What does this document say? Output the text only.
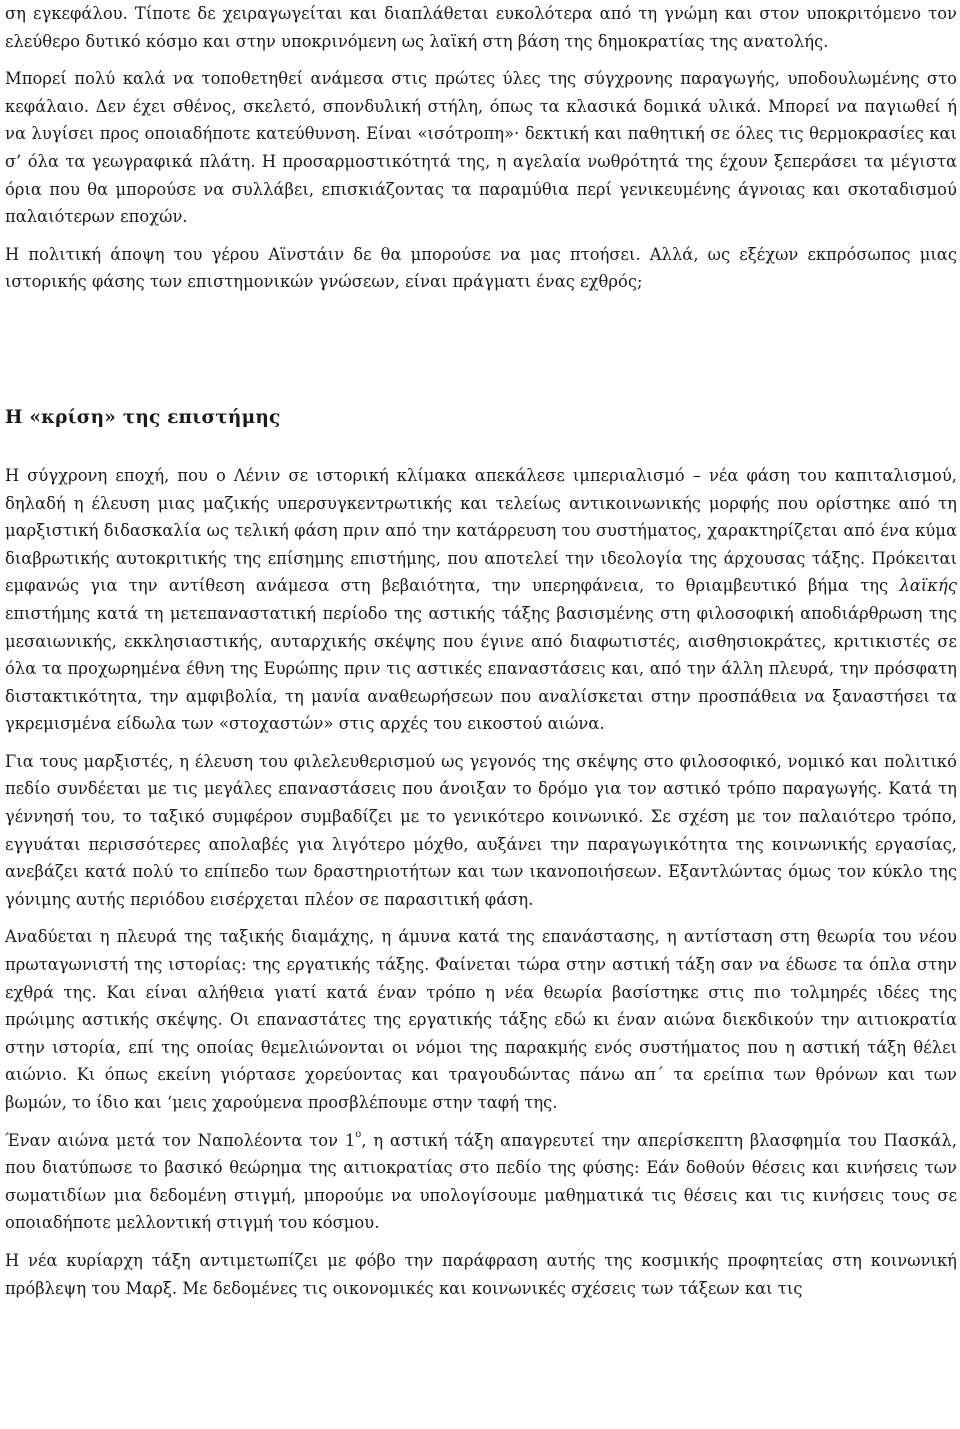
ση εγκεφάλου. Τίποτε δε χειραγωγείται και διαπλάθεται ευκολότερα από τη γνώμη και στον υποκριτόμενο τον ελεύθερο δυτικό κόσμο και στην υποκρινόμενη ως λαϊκή στη βάση της δημοκρατίας της ανατολής.

Μπορεί πολύ καλά να τοποθετηθεί ανάμεσα στις πρώτες ύλες της σύγχρονης παραγωγής, υποδουλωμένης στο κεφάλαιο. Δεν έχει σθένος, σκελετό, σπονδυλική στήλη, όπως τα κλασικά δομικά υλικά. Μπορεί να παγιωθεί ή να λυγίσει προς οποιαδήποτε κατεύθυνση. Είναι «ισότροπη»· δεκτική και παθητική σε όλες τις θερμοκρασίες και σ’ όλα τα γεωγραφικά πλάτη. Η προσαρμοστικότητά της, η αγελαία νωθρότητά της έχουν ξεπεράσει τα μέγιστα όρια που θα μπορούσε να συλλάβει, επισκιάζοντας τα παραμύθια περί γενικευμένης άγνοιας και σκοταδισμού παλαιότερων εποχών.

Η πολιτική άποψη του γέρου Αϊνστάιν δε θα μπορούσε να μας πτοήσει. Αλλά, ως εξέχων εκπρόσωπος μιας ιστορικής φάσης των επιστημονικών γνώσεων, είναι πράγματι ένας εχθρός;

Η «κρίση» της επιστήμης

Η σύγχρονη εποχή, που ο Λένιν σε ιστορική κλίμακα απεκάλεσε ιμπεριαλισμό – νέα φάση του καπιταλισμού, δηλαδή η έλευση μιας μαζικής υπερσυγκεντρωτικής και τελείως αντικοινωνικής μορφής που ορίστηκε από τη μαρξιστική διδασκαλία ως τελική φάση πριν από την κατάρρευση του συστήματος, χαρακτηρίζεται από ένα κύμα διαβρωτικής αυτοκριτικής της επίσημης επιστήμης, που αποτελεί την ιδεολογία της άρχουσας τάξης. Πρόκειται εμφανώς για την αντίθεση ανάμεσα στη βεβαιότητα, την υπερηφάνεια, το θριαμβευτικό βήμα της λαϊκής επιστήμης κατά τη μετεπαναστατική περίοδο της αστικής τάξης βασισμένης στη φιλοσοφική αποδιάρθρωση της μεσαιωνικής, εκκλησιαστικής, αυταρχικής σκέψης που έγινε από διαφωτιστές, αισθησιοκράτες, κριτικιστές σε όλα τα προχωρημένα έθνη της Ευρώπης πριν τις αστικές επαναστάσεις και, από την άλλη πλευρά, την πρόσφατη διστακτικότητα, την αμφιβολία, τη μανία αναθεωρήσεων που αναλίσκεται στην προσπάθεια να ξαναστήσει τα γκρεμισμένα είδωλα των «στοχαστών» στις αρχές του εικοστού αιώνα.

Για τους μαρξιστές, η έλευση του φιλελευθερισμού ως γεγονός της σκέψης στο φιλοσοφικό, νομικό και πολιτικό πεδίο συνδέεται με τις μεγάλες επαναστάσεις που άνοιξαν το δρόμο για τον αστικό τρόπο παραγωγής. Κατά τη γέννησή του, το ταξικό συμφέρον συμβαδίζει με το γενικότερο κοινωνικό. Σε σχέση με τον παλαιότερο τρόπο, εγγυάται περισσότερες απολαβές για λιγότερο μόχθο, αυξάνει την παραγωγικότητα της κοινωνικής εργασίας, ανεβάζει κατά πολύ το επίπεδο των δραστηριοτήτων και των ικανοποιήσεων. Εξαντλώντας όμως τον κύκλο της γόνιμης αυτής περιόδου εισέρχεται πλέον σε παρασιτική φάση.

Αναδύεται η πλευρά της ταξικής διαμάχης, η άμυνα κατά της επανάστασης, η αντίσταση στη θεωρία του νέου πρωταγωνιστή της ιστορίας: της εργατικής τάξης. Φαίνεται τώρα στην αστική τάξη σαν να έδωσε τα όπλα στην εχθρά της. Και είναι αλήθεια γιατί κατά έναν τρόπο η νέα θεωρία βασίστηκε στις πιο τολμηρές ιδέες της πρώιμης αστικής σκέψης. Οι επαναστάτες της εργατικής τάξης εδώ κι έναν αιώνα διεκδικούν την αιτιοκρατία στην ιστορία, επί της οποίας θεμελιώνονται οι νόμοι της παρακμής ενός συστήματος που η αστική τάξη θέλει αιώνιο. Κι όπως εκείνη γιόρτασε χορεύοντας και τραγουδώντας πάνω απ΄ τα ερείπια των θρόνων και των βωμών, το ίδιο και ‘μεις χαρούμενα προσβλέπουμε στην ταφή της.

Έναν αιώνα μετά τον Ναπολέοντα τον $1^o$, η αστική τάξη απαγρευτεί την απερίσκεπτη βλασφημία του Πασκάλ, που διατύπωσε το βασικό θεώρημα της αιτιοκρατίας στο πεδίο της φύσης: Εάν δοθούν θέσεις και κινήσεις των σωματιδίων μια δεδομένη στιγμή, μπορούμε να υπολογίσουμε μαθηματικά τις θέσεις και τις κινήσεις τους σε οποιαδήποτε μελλοντική στιγμή του κόσμου.

Η νέα κυρίαρχη τάξη αντιμετωπίζει με φόβο την παράφραση αυτής της κοσμικής προφητείας στη κοινωνική πρόβλεψη του Μαρξ. Με δεδομένες τις οικονομικές και κοινωνικές σχέσεις των τάξεων και τις
